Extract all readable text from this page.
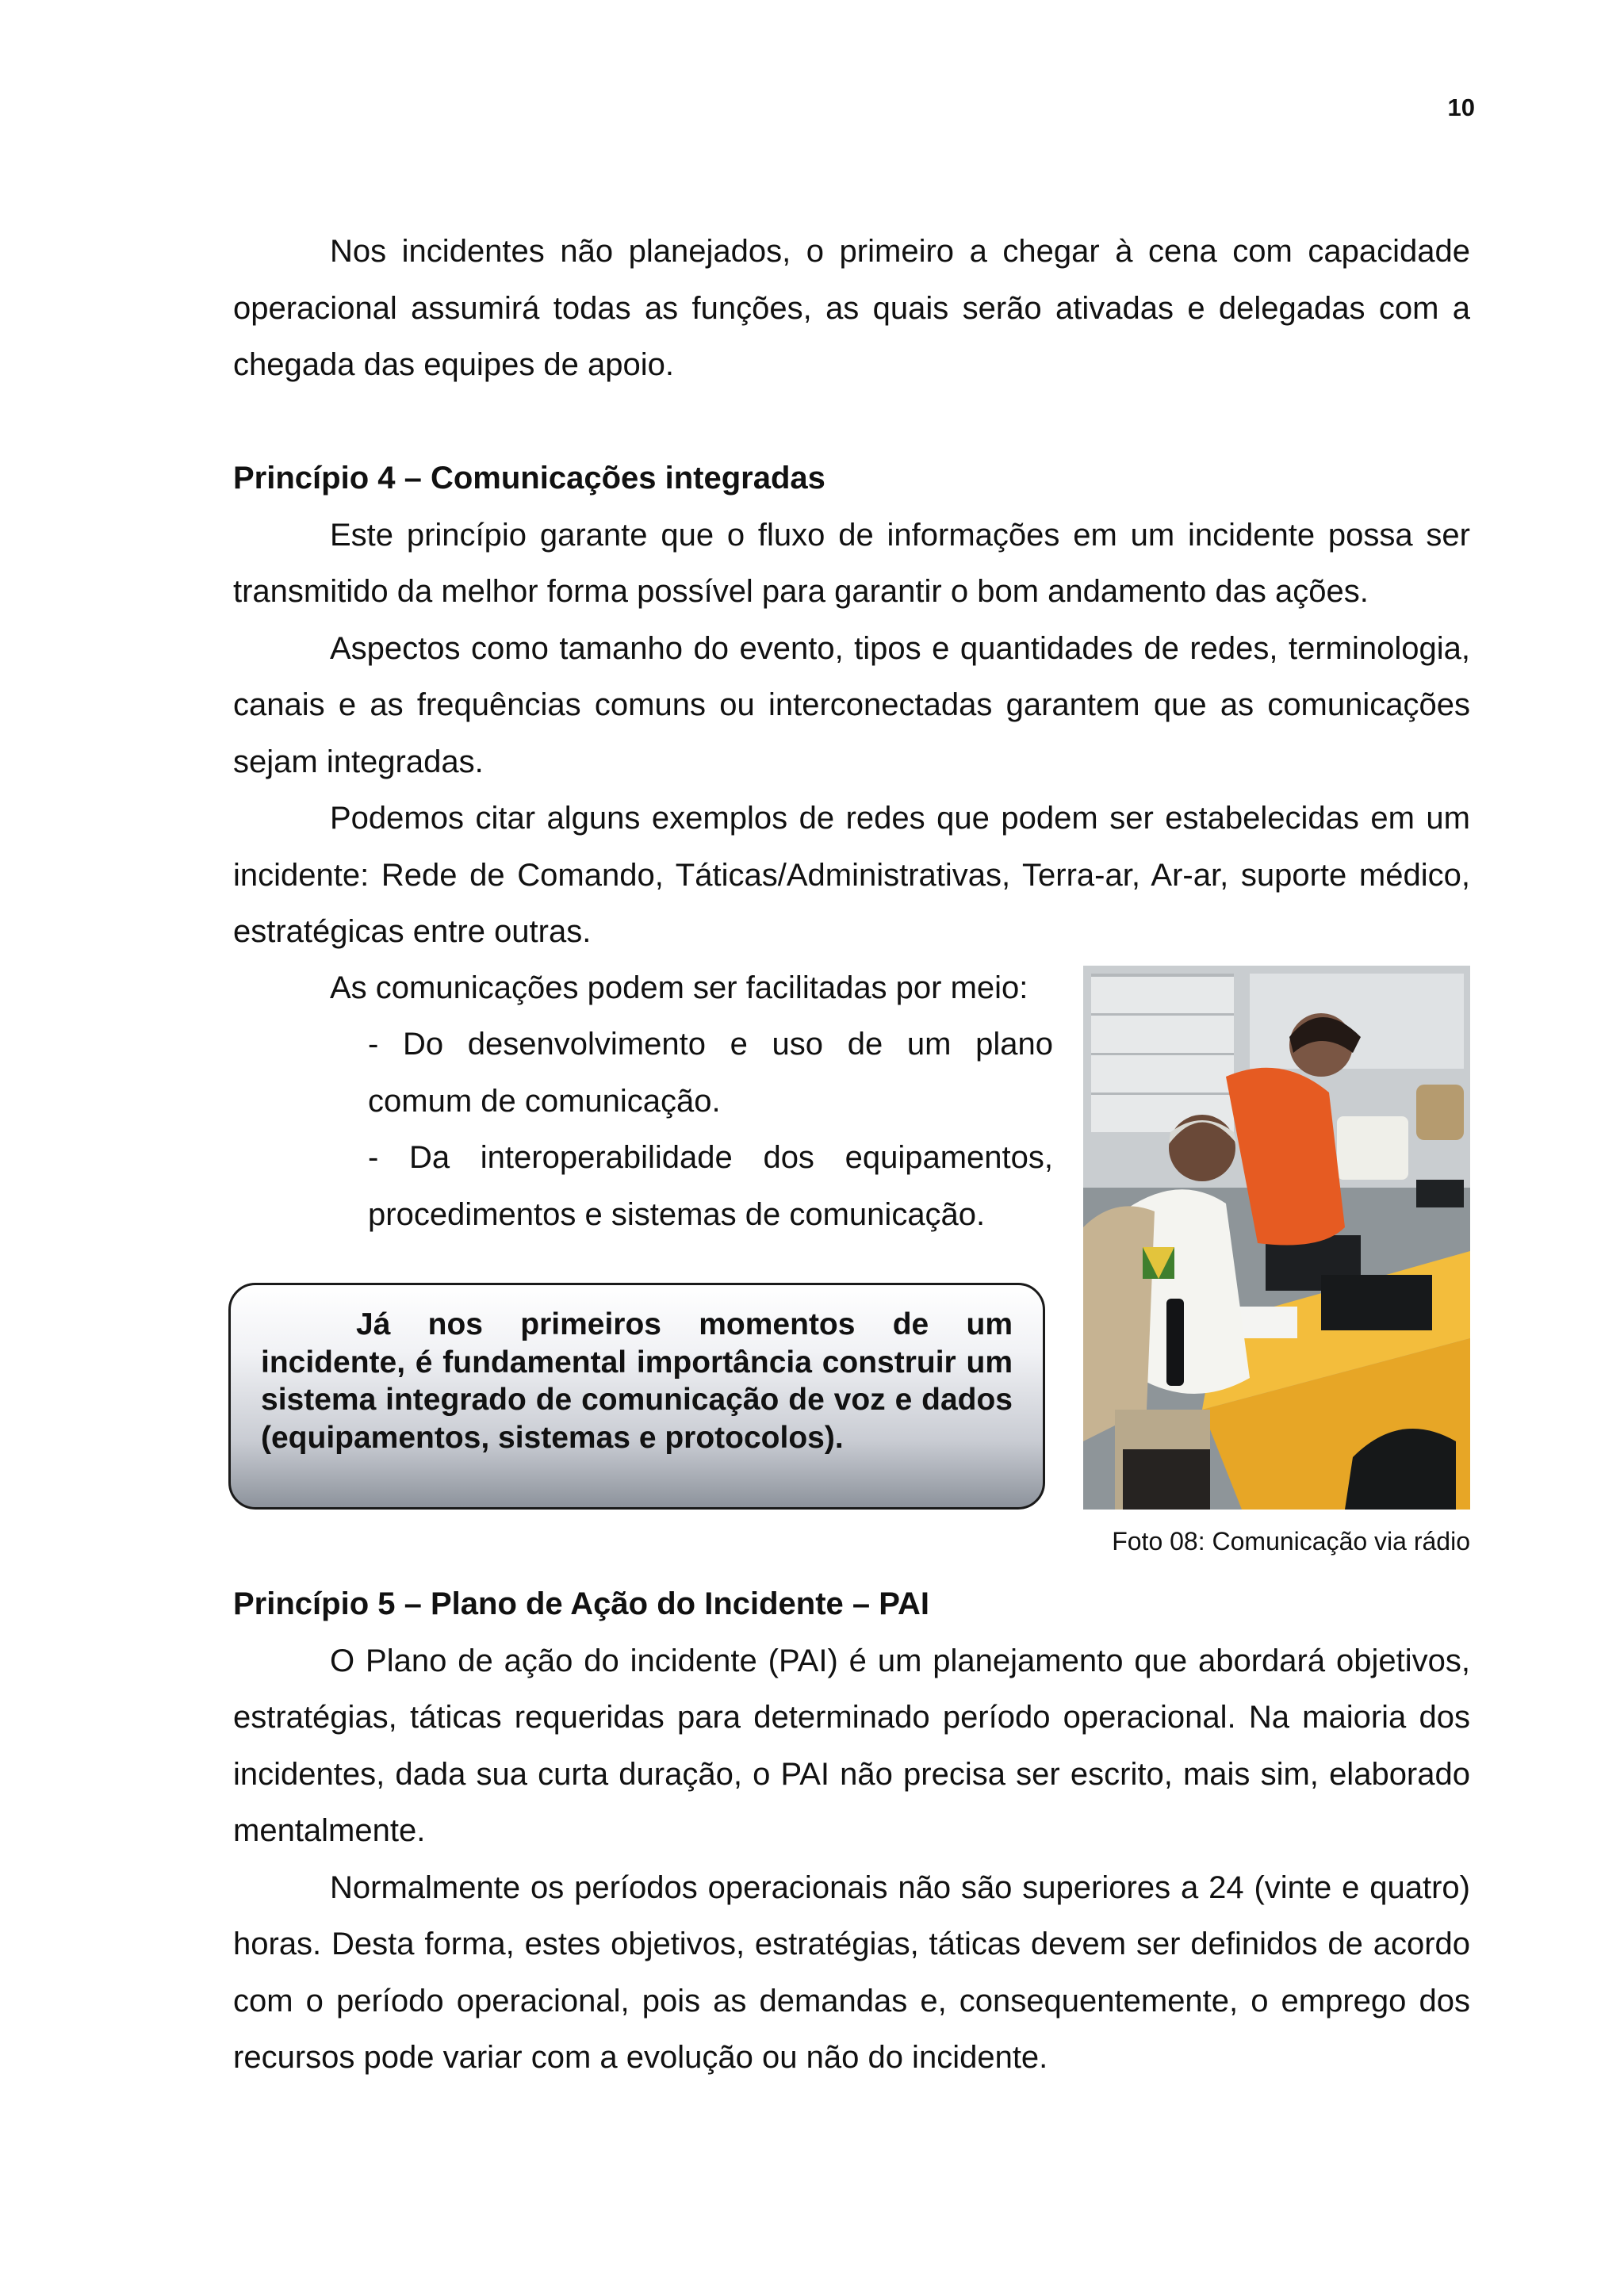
10

Nos incidentes não planejados, o primeiro a chegar à cena com capacidade operacional assumirá todas as funções, as quais serão ativadas e delegadas com a chegada das equipes de apoio.

Princípio 4 – Comunicações integradas

Este princípio garante que o fluxo de informações em um incidente possa ser transmitido da melhor forma possível para garantir o bom andamento das ações.

Aspectos como tamanho do evento, tipos e quantidades de redes, terminologia, canais e as frequências comuns ou interconectadas garantem que as comunicações sejam integradas.

Podemos citar alguns exemplos de redes que podem ser estabelecidas em um incidente: Rede de Comando, Táticas/Administrativas, Terra-ar, Ar-ar, suporte médico, estratégicas entre outras.

As comunicações podem ser facilitadas por meio:
- Do desenvolvimento e uso de um plano comum de comunicação.
- Da interoperabilidade dos equipamentos, procedimentos e sistemas de comunicação.
Já nos primeiros momentos de um incidente, é fundamental importância construir um sistema integrado de comunicação de voz e dados (equipamentos, sistemas e protocolos).
Foto 08: Comunicação via rádio

Princípio 5 – Plano de Ação do Incidente – PAI

O Plano de ação do incidente (PAI) é um planejamento que abordará objetivos, estratégias, táticas requeridas para determinado período operacional. Na maioria dos incidentes, dada sua curta duração, o PAI não precisa ser escrito, mais sim, elaborado mentalmente.

Normalmente os períodos operacionais não são superiores a 24 (vinte e quatro) horas. Desta forma, estes objetivos, estratégias, táticas devem ser definidos de acordo com o período operacional, pois as demandas e, consequentemente, o emprego dos recursos pode variar com a evolução ou não do incidente.
